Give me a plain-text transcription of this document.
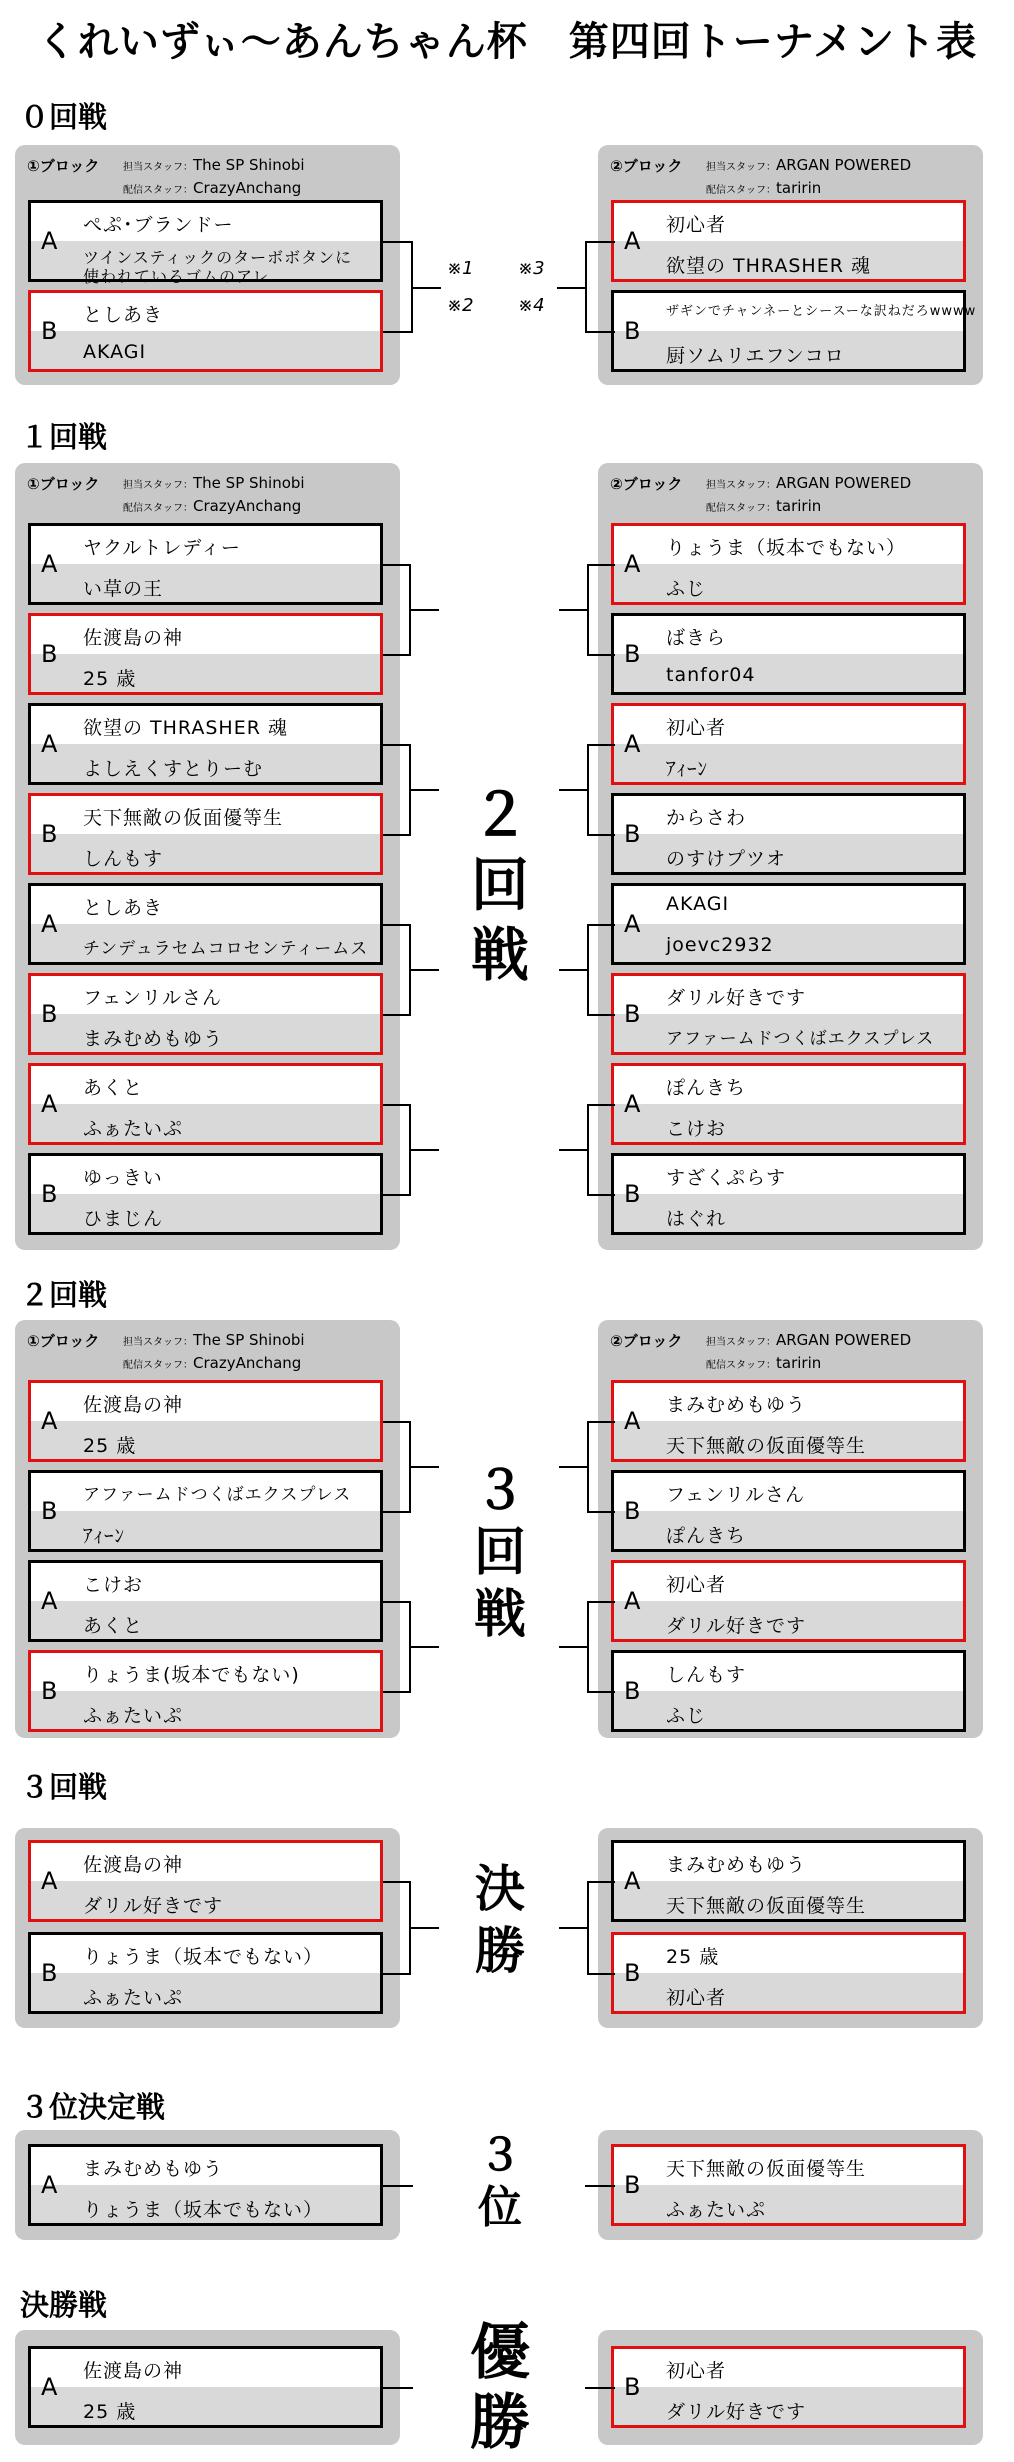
くれいずぃ〜あんちゃん杯　第四回トーナメント表
０回戦
①ブロック 担当スタッフ：The SP Shinobi
配信スタッフ：CrazyAnchang
A
ぺぷ･ブランドー
ツインスティックのターボボタンに
使われているゴムのアレ
B
としあき
AKAGI
②ブロック 担当スタッフ：ARGAN POWERED
配信スタッフ：taririn
A
初心者
欲望の THRASHER 魂
B
ザギンでチャンネーとシースーな訳ねだろwwww
厨ソムリエフンコロ
※1
※2
※3
※4
１回戦
①ブロック 担当スタッフ：The SP Shinobi
配信スタッフ：CrazyAnchang
A
ヤクルトレディー
い草の王
B
佐渡島の神
25 歳
A
欲望の THRASHER 魂
よしえくすとりーむ
B
天下無敵の仮面優等生
しんもす
A
としあき
チンデュラセムコロセンティームス
B
フェンリルさん
まみむめもゆう
A
あくと
ふぁたいぷ
B
ゆっきい
ひまじん
②ブロック 担当スタッフ：ARGAN POWERED
配信スタッフ：taririn
A
りょうま（坂本でもない）
ふじ
B
ばきら
tanfor04
A
初心者
ｱｨｰﾝ
B
からさわ
のすけプツオ
A
AKAGI
joevc2932
B
ダリル好きです
アファームドつくばエクスプレス
A
ぽんきち
こけお
B
すざくぷらす
はぐれ
２
回
戦
２回戦
①ブロック 担当スタッフ：The SP Shinobi
配信スタッフ：CrazyAnchang
A
佐渡島の神
25 歳
B
アファームドつくばエクスプレス
ｱｨｰﾝ
A
こけお
あくと
B
りょうま(坂本でもない)
ふぁたいぷ
②ブロック 担当スタッフ：ARGAN POWERED
配信スタッフ：taririn
A
まみむめもゆう
天下無敵の仮面優等生
B
フェンリルさん
ぽんきち
A
初心者
ダリル好きです
B
しんもす
ふじ
３
回
戦
３回戦
A
佐渡島の神
ダリル好きです
B
りょうま（坂本でもない）
ふぁたいぷ
A
まみむめもゆう
天下無敵の仮面優等生
B
25 歳
初心者
決
勝
３位決定戦
A
まみむめもゆう
りょうま（坂本でもない）
B
天下無敵の仮面優等生
ふぁたいぷ
３
位
決勝戦
A
佐渡島の神
25 歳
B
初心者
ダリル好きです
優
勝
